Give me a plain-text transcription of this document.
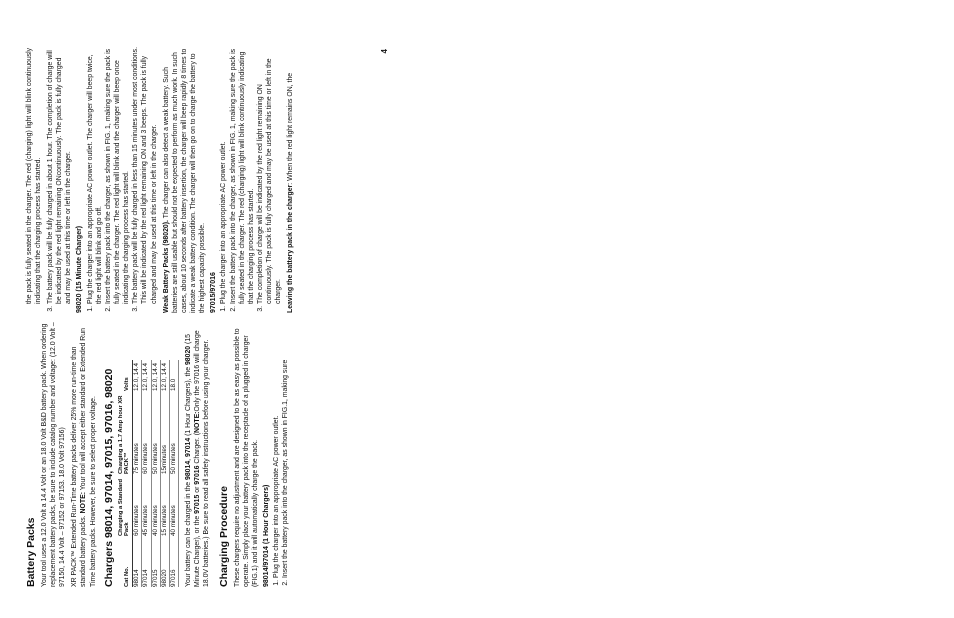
Battery Packs Your tool uses a 12.0 Volt a 14.4 Volt or an 18.0 Volt B&D battery pack. When ordering replacement battery packs, be sure to include catalog number and voltage: (12.0 Volt – 97150, 14.4 Volt – 97152 or 97153. 18.0 Volt 97156) XR PACK™ Extended Run-Time battery packs deliver 25% more run-time than standard battery packs. NOTE: Your tool will accept either standard or Extended Run Time battery packs. However, be sure to select proper voltage. Chargers 98014, 97014, 97015, 97016, 98020 Cat No.	Charging a Standard Pack	Charging a 1.7 Amp hour XR PACK™	Volts
98014	60 minutes	75 minutes	12.0, 14.4
97014	45 minutes	60 minutes	12.0, 14.4
97015	40 minutes	50 minutes	12.0, 14.4
98020	15 minutes	15minutes	12.0, 14.4
97016	40 minutes	50 minutes	18.0

Your battery can be charged in the 98014, 97014 (1 Hour Chargers), the 98020 (15 Minute Charger), or the 97015 or 97016 Charger. (NOTE:Only the 97016 will charge 18.0V batteries.) Be sure to read all safety instructions before using your charger. Charging Procedure These chargers require no adjustment and are designed to be as easy as possible to operate. Simply place your battery pack into the receptacle of a plugged in charger (FIG.1) and it will automatically charge the pack. 98014/97014 (1 Hour Chargers) 1. Plug the charger into an appropriate AC power outlet. 2. Insert the battery pack into the charger, as shown in FIG.1, making sure

the pack is fully seated in the charger. The red (charging) light will blink continuously indicating that the charging process has started. 3. The battery pack will be fully charged in about 1 hour. The completion of charge will be indicated by the red light remaining ONcontinuously. The pack is fully charged and may be used at this time or left in the charger. 98020 (15 Minute Charger) 1. Plug the charger into an appropriate AC power outlet. The charger will beep twice, the red light will blink and go off. 2. Insert the battery pack into the charger, as shown in FIG. 1, making sure the pack is fully seated in the charger. The red light will blink and the charger will beep once indicating the charging process has started. 3. The battery pack will be fully charged in less than 15 minutes under most conditions. This will be indicated by the red light remaining ON and 3 beeps. The pack is fully charged and may be used at this time or left in the charger. Weak Battery Packs (98020). The charger can also detect a weak battery. Such batteries are still usable but should not be expected to perform as much work. In such cases, about 10 seconds after battery insertion, the charger will beep rapidly 8 times to indicate a weak battery condition. The charger will then go on to charge the battery to the highest capacity possible. 97015/97016 1. Plug the charger into an appropriate AC power outlet. 2. Insert the battery pack into the charger, as shown in FIG. 1, making sure the pack is fully seated in the charger. The red (charging) light will blink continuously indicating that the charging process has started. 3. The completion of charge will be indicated by the red light remaining ON continuously. The pack is fully charged and may be used at this time or left in the charger. Leaving the battery pack in the charger: When the red light remains ON, the

4
